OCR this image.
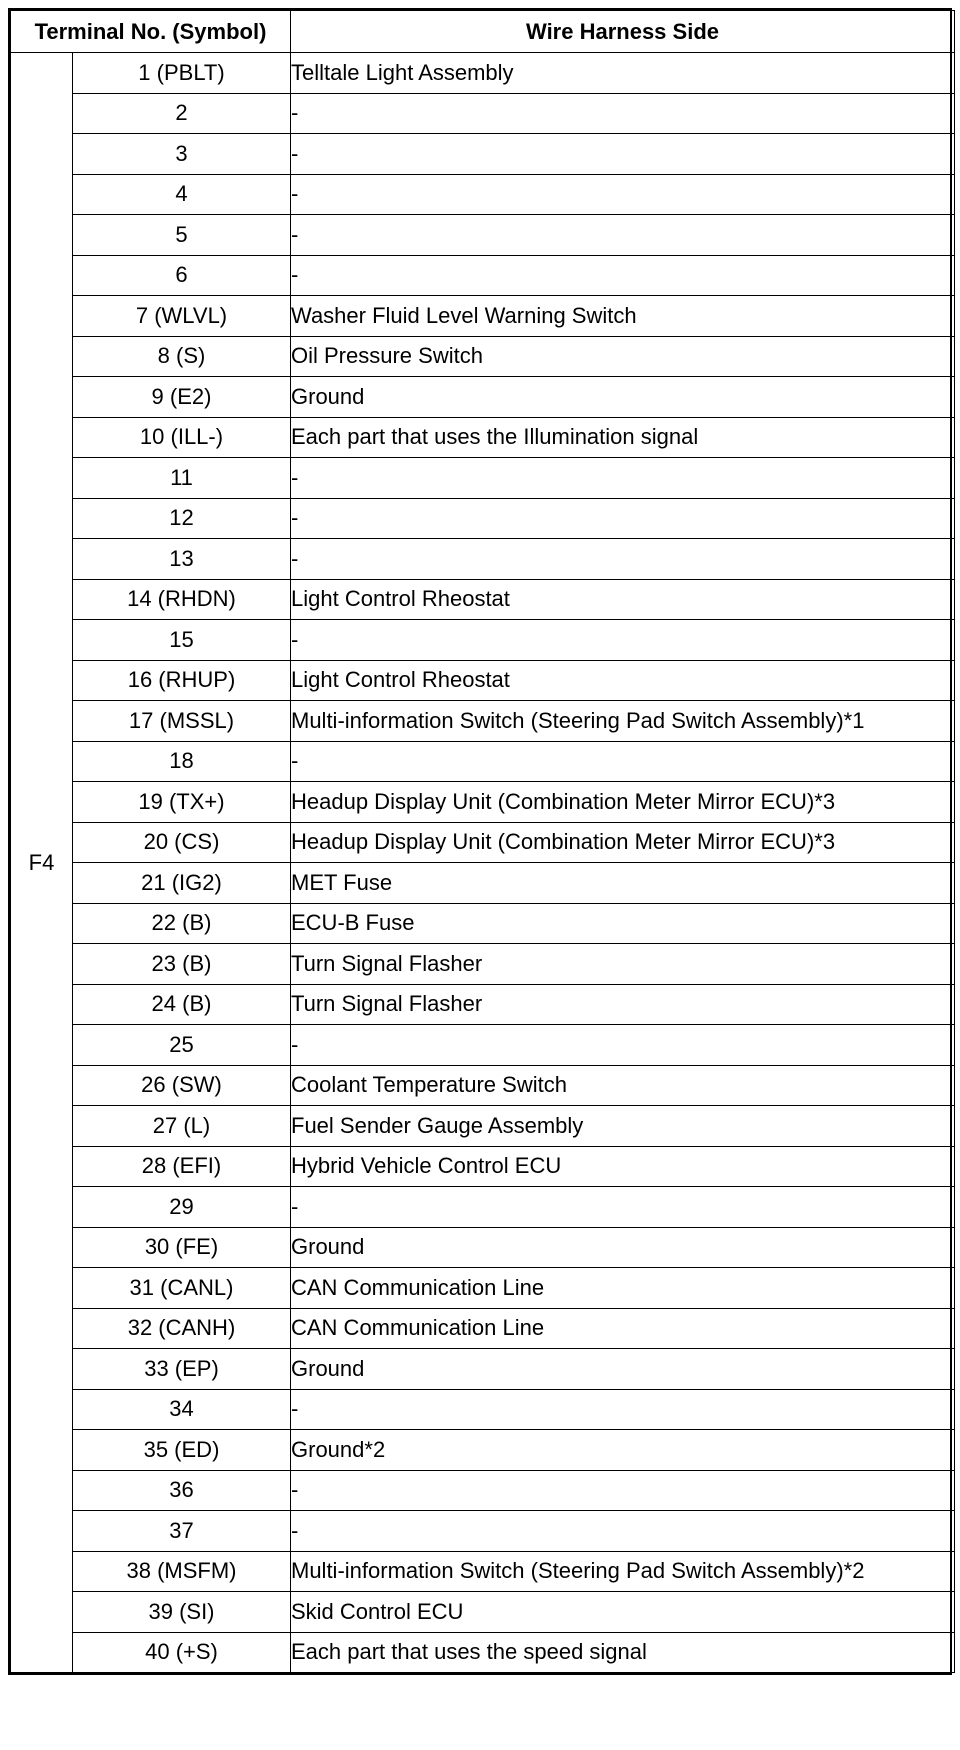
Terminal No. (Symbol)		Wire Harness Side
F4	1 (PBLT)	Telltale Light Assembly
	2	-
	3	-
	4	-
	5	-
	6	-
	7 (WLVL)	Washer Fluid Level Warning Switch
	8 (S)	Oil Pressure Switch
	9 (E2)	Ground
	10 (ILL-)	Each part that uses the Illumination signal
	11	-
	12	-
	13	-
	14 (RHDN)	Light Control Rheostat
	15	-
	16 (RHUP)	Light Control Rheostat
	17 (MSSL)	Multi-information Switch (Steering Pad Switch Assembly)*1
	18	-
	19 (TX+)	Headup Display Unit (Combination Meter Mirror ECU)*3
	20 (CS)	Headup Display Unit (Combination Meter Mirror ECU)*3
	21 (IG2)	MET Fuse
	22 (B)	ECU-B Fuse
	23 (B)	Turn Signal Flasher
	24 (B)	Turn Signal Flasher
	25	-
	26 (SW)	Coolant Temperature Switch
	27 (L)	Fuel Sender Gauge Assembly
	28 (EFI)	Hybrid Vehicle Control ECU
	29	-
	30 (FE)	Ground
	31 (CANL)	CAN Communication Line
	32 (CANH)	CAN Communication Line
	33 (EP)	Ground
	34	-
	35 (ED)	Ground*2
	36	-
	37	-
	38 (MSFM)	Multi-information Switch (Steering Pad Switch Assembly)*2
	39 (SI)	Skid Control ECU
	40 (+S)	Each part that uses the speed signal
